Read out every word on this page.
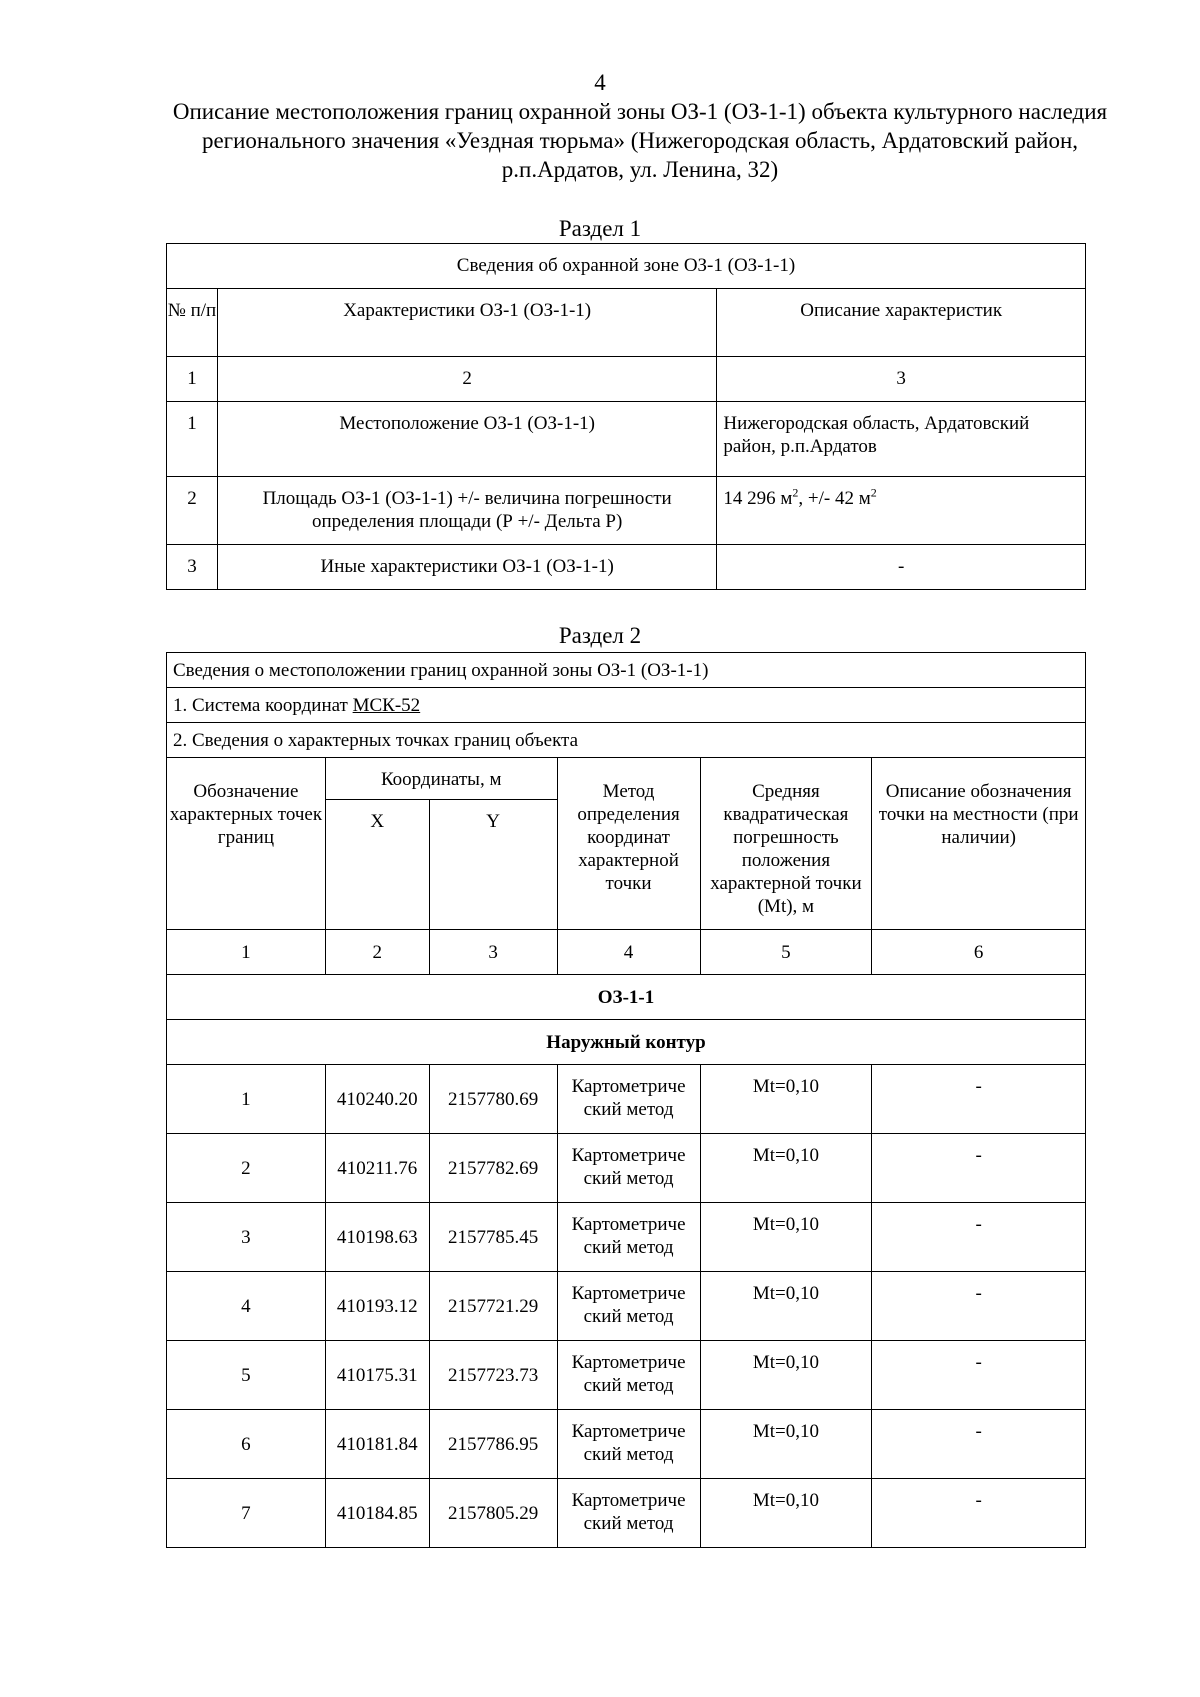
4
Описание местоположения границ охранной зоны ОЗ-1 (ОЗ-1-1) объекта культурного наследия регионального значения «Уездная тюрьма» (Нижегородская область, Ардатовский район, р.п.Ардатов, ул. Ленина, 32)
Раздел 1
Сведения об охранной зоне ОЗ-1 (ОЗ-1-1)		
№ п/п	Характеристики ОЗ-1 (ОЗ-1-1)	Описание характеристик
1	2	3
1	Местоположение ОЗ-1 (ОЗ-1-1)	Нижегородская область, Ардатовский район, р.п.Ардатов
2	Площадь ОЗ-1 (ОЗ-1-1) +/- величина погрешности определения площади (Р +/- Дельта Р)	14 296 $м^2$, +/- 42 $м^2$
3	Иные характеристики ОЗ-1 (ОЗ-1-1)	-
Раздел 2
Сведения о местоположении границ охранной зоны ОЗ-1 (ОЗ-1-1)					
1. Система координат МСК-52					
2. Сведения о характерных точках границ объекта					
Обозначение характерных точек границ	Координаты, м		Метод определения координат характерной точки	Средняя квадратическая погрешность положения характерной точки (Mt), м	Описание обозначения точки на местности (при наличии)
	X	Y			
1	2	3	4	5	6
ОЗ-1-1					
Наружный контур					
1	410240.20	2157780.69	Картометриче ский метод	Mt=0,10	-
2	410211.76	2157782.69	Картометриче ский метод	Mt=0,10	-
3	410198.63	2157785.45	Картометриче ский метод	Mt=0,10	-
4	410193.12	2157721.29	Картометриче ский метод	Mt=0,10	-
5	410175.31	2157723.73	Картометриче ский метод	Mt=0,10	-
6	410181.84	2157786.95	Картометриче ский метод	Mt=0,10	-
7	410184.85	2157805.29	Картометриче ский метод	Mt=0,10	-
